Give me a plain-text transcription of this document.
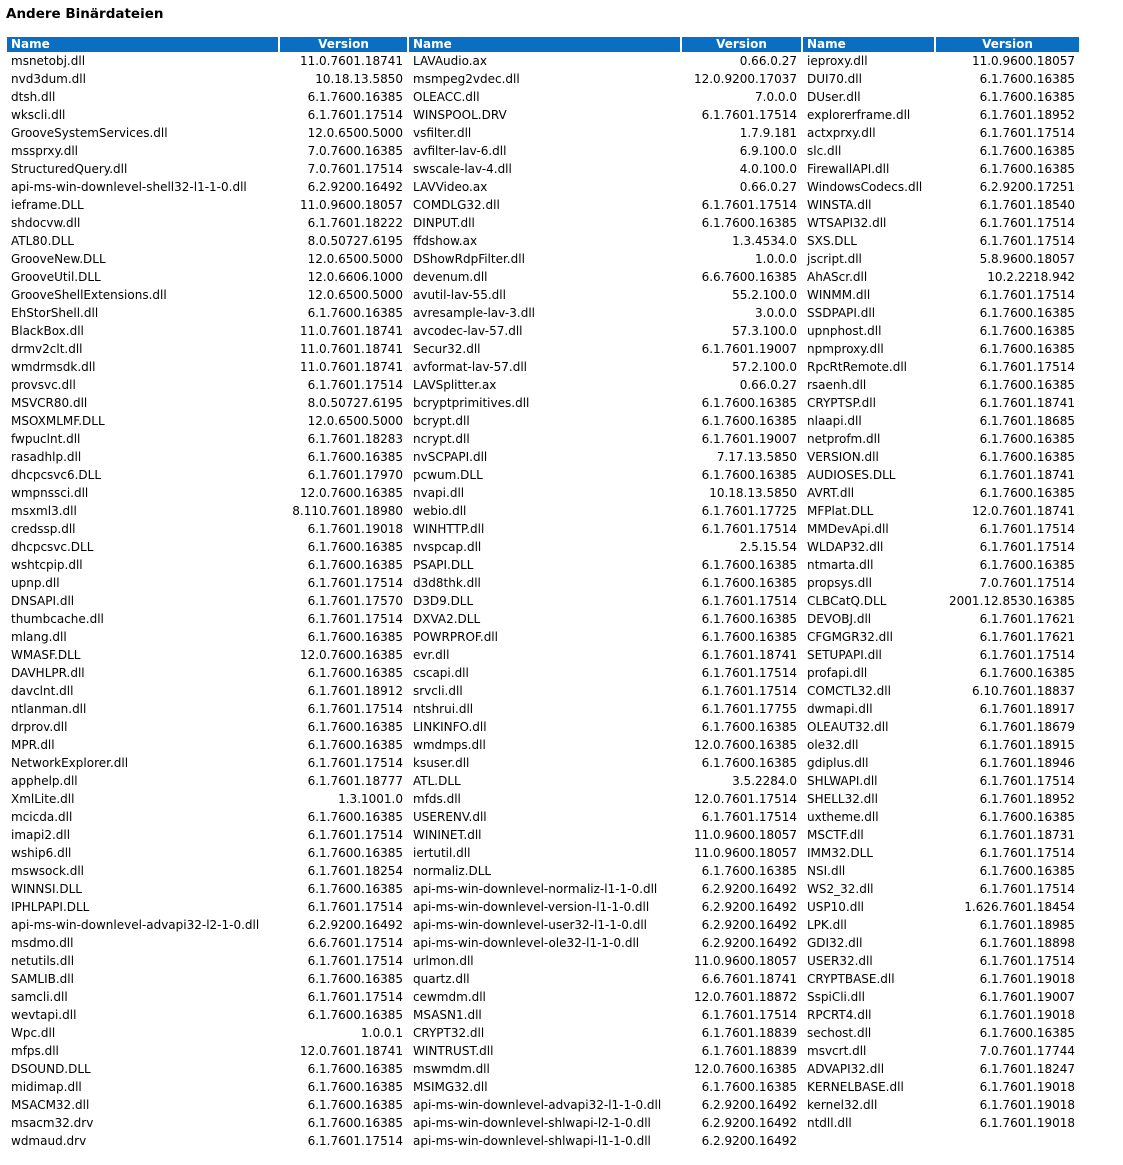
Andere Binärdateien
Name	Version	Name	Version	Name	Version
msnetobj.dll	11.0.7601.18741	LAVAudio.ax	0.66.0.27	ieproxy.dll	11.0.9600.18057
nvd3dum.dll	10.18.13.5850	msmpeg2vdec.dll	12.0.9200.17037	DUI70.dll	6.1.7600.16385
dtsh.dll	6.1.7600.16385	OLEACC.dll	7.0.0.0	DUser.dll	6.1.7600.16385
wkscli.dll	6.1.7601.17514	WINSPOOL.DRV	6.1.7601.17514	explorerframe.dll	6.1.7601.18952
GrooveSystemServices.dll	12.0.6500.5000	vsfilter.dll	1.7.9.181	actxprxy.dll	6.1.7601.17514
mssprxy.dll	7.0.7600.16385	avfilter-lav-6.dll	6.9.100.0	slc.dll	6.1.7600.16385
StructuredQuery.dll	7.0.7601.17514	swscale-lav-4.dll	4.0.100.0	FirewallAPI.dll	6.1.7600.16385
api-ms-win-downlevel-shell32-l1-1-0.dll	6.2.9200.16492	LAVVideo.ax	0.66.0.27	WindowsCodecs.dll	6.2.9200.17251
ieframe.DLL	11.0.9600.18057	COMDLG32.dll	6.1.7601.17514	WINSTA.dll	6.1.7601.18540
shdocvw.dll	6.1.7601.18222	DINPUT.dll	6.1.7600.16385	WTSAPI32.dll	6.1.7601.17514
ATL80.DLL	8.0.50727.6195	ffdshow.ax	1.3.4534.0	SXS.DLL	6.1.7601.17514
GrooveNew.DLL	12.0.6500.5000	DShowRdpFilter.dll	1.0.0.0	jscript.dll	5.8.9600.18057
GrooveUtil.DLL	12.0.6606.1000	devenum.dll	6.6.7600.16385	AhAScr.dll	10.2.2218.942
GrooveShellExtensions.dll	12.0.6500.5000	avutil-lav-55.dll	55.2.100.0	WINMM.dll	6.1.7601.17514
EhStorShell.dll	6.1.7600.16385	avresample-lav-3.dll	3.0.0.0	SSDPAPI.dll	6.1.7600.16385
BlackBox.dll	11.0.7601.18741	avcodec-lav-57.dll	57.3.100.0	upnphost.dll	6.1.7600.16385
drmv2clt.dll	11.0.7601.18741	Secur32.dll	6.1.7601.19007	npmproxy.dll	6.1.7600.16385
wmdrmsdk.dll	11.0.7601.18741	avformat-lav-57.dll	57.2.100.0	RpcRtRemote.dll	6.1.7601.17514
provsvc.dll	6.1.7601.17514	LAVSplitter.ax	0.66.0.27	rsaenh.dll	6.1.7600.16385
MSVCR80.dll	8.0.50727.6195	bcryptprimitives.dll	6.1.7600.16385	CRYPTSP.dll	6.1.7601.18741
MSOXMLMF.DLL	12.0.6500.5000	bcrypt.dll	6.1.7600.16385	nlaapi.dll	6.1.7601.18685
fwpuclnt.dll	6.1.7601.18283	ncrypt.dll	6.1.7601.19007	netprofm.dll	6.1.7600.16385
rasadhlp.dll	6.1.7600.16385	nvSCPAPI.dll	7.17.13.5850	VERSION.dll	6.1.7600.16385
dhcpcsvc6.DLL	6.1.7601.17970	pcwum.DLL	6.1.7600.16385	AUDIOSES.DLL	6.1.7601.18741
wmpnssci.dll	12.0.7600.16385	nvapi.dll	10.18.13.5850	AVRT.dll	6.1.7600.16385
msxml3.dll	8.110.7601.18980	webio.dll	6.1.7601.17725	MFPlat.DLL	12.0.7601.18741
credssp.dll	6.1.7601.19018	WINHTTP.dll	6.1.7601.17514	MMDevApi.dll	6.1.7601.17514
dhcpcsvc.DLL	6.1.7600.16385	nvspcap.dll	2.5.15.54	WLDAP32.dll	6.1.7601.17514
wshtcpip.dll	6.1.7600.16385	PSAPI.DLL	6.1.7600.16385	ntmarta.dll	6.1.7600.16385
upnp.dll	6.1.7601.17514	d3d8thk.dll	6.1.7600.16385	propsys.dll	7.0.7601.17514
DNSAPI.dll	6.1.7601.17570	D3D9.DLL	6.1.7601.17514	CLBCatQ.DLL	2001.12.8530.16385
thumbcache.dll	6.1.7601.17514	DXVA2.DLL	6.1.7600.16385	DEVOBJ.dll	6.1.7601.17621
mlang.dll	6.1.7600.16385	POWRPROF.dll	6.1.7600.16385	CFGMGR32.dll	6.1.7601.17621
WMASF.DLL	12.0.7600.16385	evr.dll	6.1.7601.18741	SETUPAPI.dll	6.1.7601.17514
DAVHLPR.dll	6.1.7600.16385	cscapi.dll	6.1.7601.17514	profapi.dll	6.1.7600.16385
davclnt.dll	6.1.7601.18912	srvcli.dll	6.1.7601.17514	COMCTL32.dll	6.10.7601.18837
ntlanman.dll	6.1.7601.17514	ntshrui.dll	6.1.7601.17755	dwmapi.dll	6.1.7601.18917
drprov.dll	6.1.7600.16385	LINKINFO.dll	6.1.7600.16385	OLEAUT32.dll	6.1.7601.18679
MPR.dll	6.1.7600.16385	wmdmps.dll	12.0.7600.16385	ole32.dll	6.1.7601.18915
NetworkExplorer.dll	6.1.7601.17514	ksuser.dll	6.1.7600.16385	gdiplus.dll	6.1.7601.18946
apphelp.dll	6.1.7601.18777	ATL.DLL	3.5.2284.0	SHLWAPI.dll	6.1.7601.17514
XmlLite.dll	1.3.1001.0	mfds.dll	12.0.7601.17514	SHELL32.dll	6.1.7601.18952
mcicda.dll	6.1.7600.16385	USERENV.dll	6.1.7601.17514	uxtheme.dll	6.1.7600.16385
imapi2.dll	6.1.7601.17514	WININET.dll	11.0.9600.18057	MSCTF.dll	6.1.7601.18731
wship6.dll	6.1.7600.16385	iertutil.dll	11.0.9600.18057	IMM32.DLL	6.1.7601.17514
mswsock.dll	6.1.7601.18254	normaliz.DLL	6.1.7600.16385	NSI.dll	6.1.7600.16385
WINNSI.DLL	6.1.7600.16385	api-ms-win-downlevel-normaliz-l1-1-0.dll	6.2.9200.16492	WS2_32.dll	6.1.7601.17514
IPHLPAPI.DLL	6.1.7601.17514	api-ms-win-downlevel-version-l1-1-0.dll	6.2.9200.16492	USP10.dll	1.626.7601.18454
api-ms-win-downlevel-advapi32-l2-1-0.dll	6.2.9200.16492	api-ms-win-downlevel-user32-l1-1-0.dll	6.2.9200.16492	LPK.dll	6.1.7601.18985
msdmo.dll	6.6.7601.17514	api-ms-win-downlevel-ole32-l1-1-0.dll	6.2.9200.16492	GDI32.dll	6.1.7601.18898
netutils.dll	6.1.7601.17514	urlmon.dll	11.0.9600.18057	USER32.dll	6.1.7601.17514
SAMLIB.dll	6.1.7600.16385	quartz.dll	6.6.7601.18741	CRYPTBASE.dll	6.1.7601.19018
samcli.dll	6.1.7601.17514	cewmdm.dll	12.0.7601.18872	SspiCli.dll	6.1.7601.19007
wevtapi.dll	6.1.7600.16385	MSASN1.dll	6.1.7601.17514	RPCRT4.dll	6.1.7601.19018
Wpc.dll	1.0.0.1	CRYPT32.dll	6.1.7601.18839	sechost.dll	6.1.7600.16385
mfps.dll	12.0.7601.18741	WINTRUST.dll	6.1.7601.18839	msvcrt.dll	7.0.7601.17744
DSOUND.DLL	6.1.7600.16385	mswmdm.dll	12.0.7600.16385	ADVAPI32.dll	6.1.7601.18247
midimap.dll	6.1.7600.16385	MSIMG32.dll	6.1.7600.16385	KERNELBASE.dll	6.1.7601.19018
MSACM32.dll	6.1.7600.16385	api-ms-win-downlevel-advapi32-l1-1-0.dll	6.2.9200.16492	kernel32.dll	6.1.7601.19018
msacm32.drv	6.1.7600.16385	api-ms-win-downlevel-shlwapi-l2-1-0.dll	6.2.9200.16492	ntdll.dll	6.1.7601.19018
wdmaud.drv	6.1.7601.17514	api-ms-win-downlevel-shlwapi-l1-1-0.dll	6.2.9200.16492		
